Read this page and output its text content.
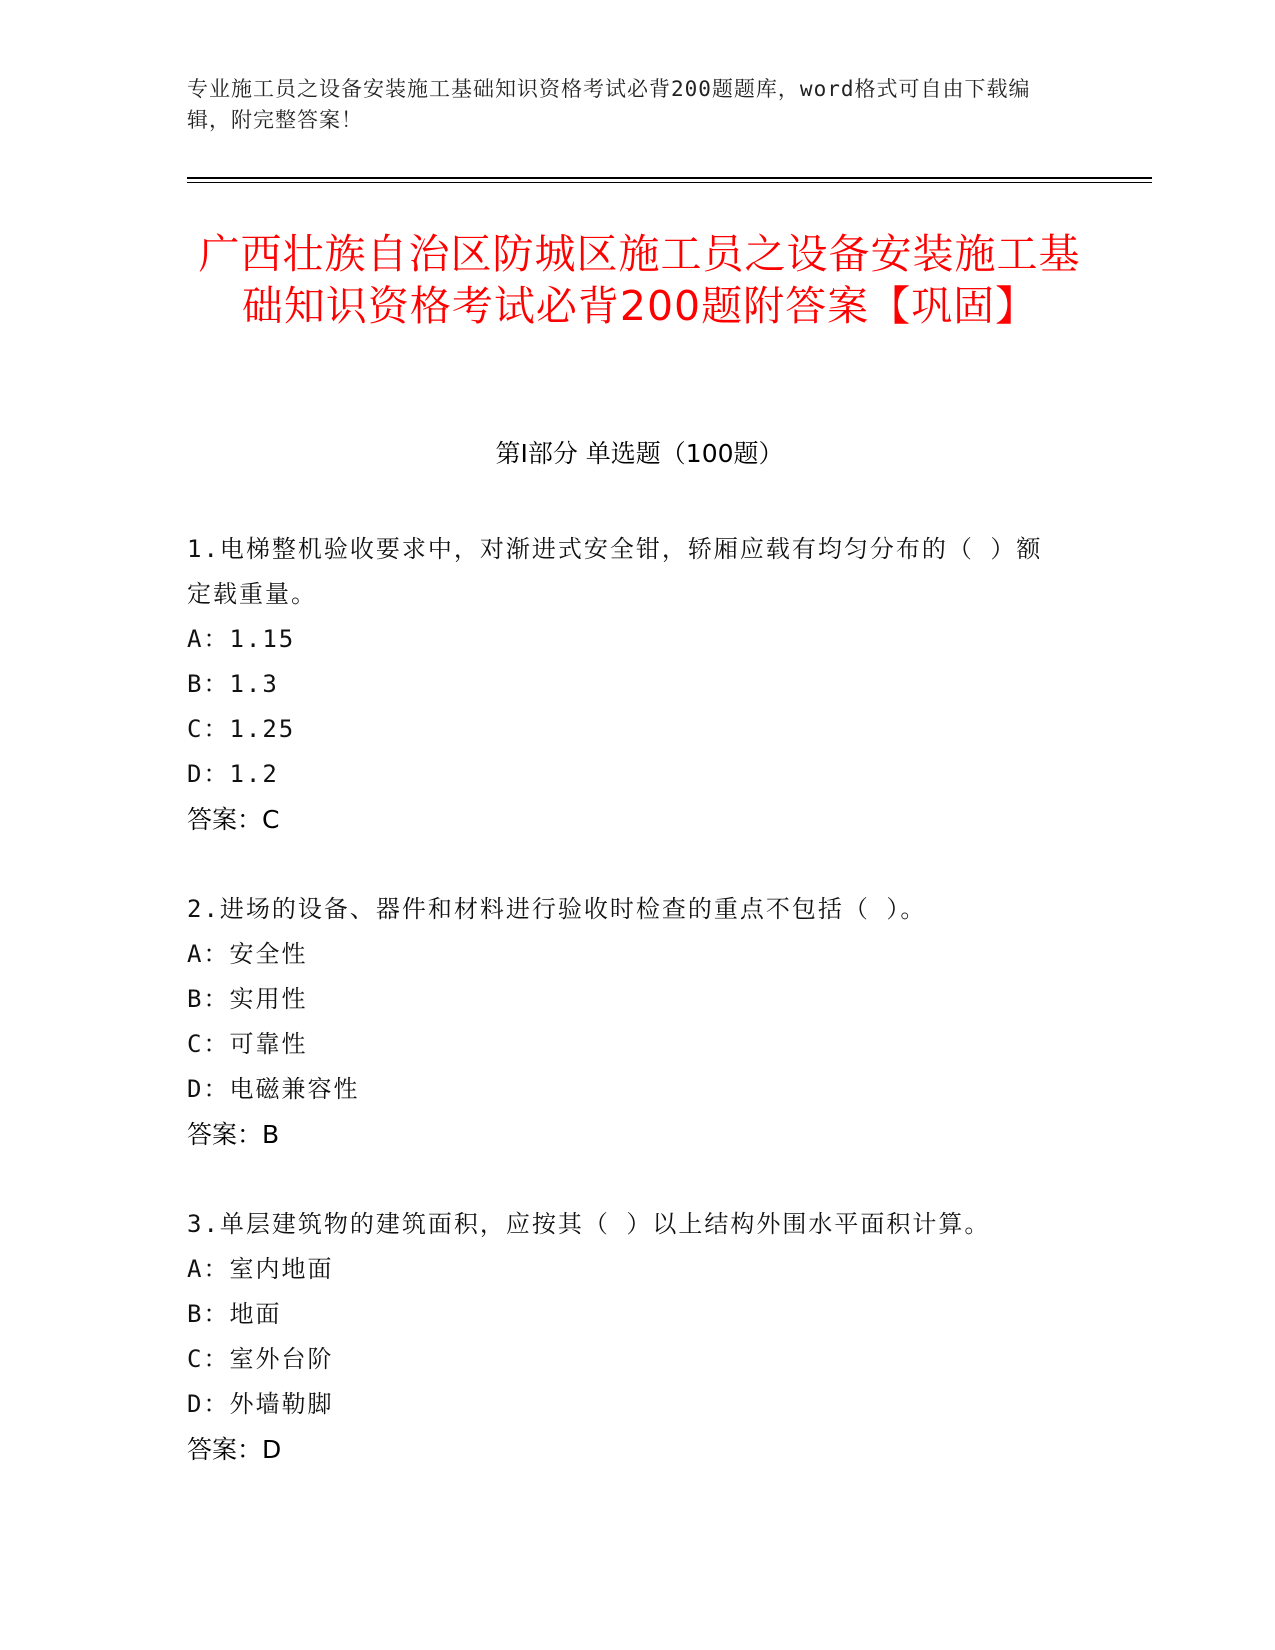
专业施工员之设备安装施工基础知识资格考试必背200题题库，word格式可自由下载编辑，附完整答案！
广西壮族自治区防城区施工员之设备安装施工基础知识资格考试必背200题附答案【巩固】
第Ⅰ部分 单选题（100题）
1.电梯整机验收要求中，对渐进式安全钳，轿厢应载有均匀分布的（ ）额定载重量。
A：1.15
B：1.3
C：1.25
D：1.2
答案：C
2.进场的设备、器件和材料进行验收时检查的重点不包括（ ）。
A：安全性
B：实用性
C：可靠性
D：电磁兼容性
答案：B
3.单层建筑物的建筑面积，应按其（ ）以上结构外围水平面积计算。
A：室内地面
B：地面
C：室外台阶
D：外墙勒脚
答案：D
